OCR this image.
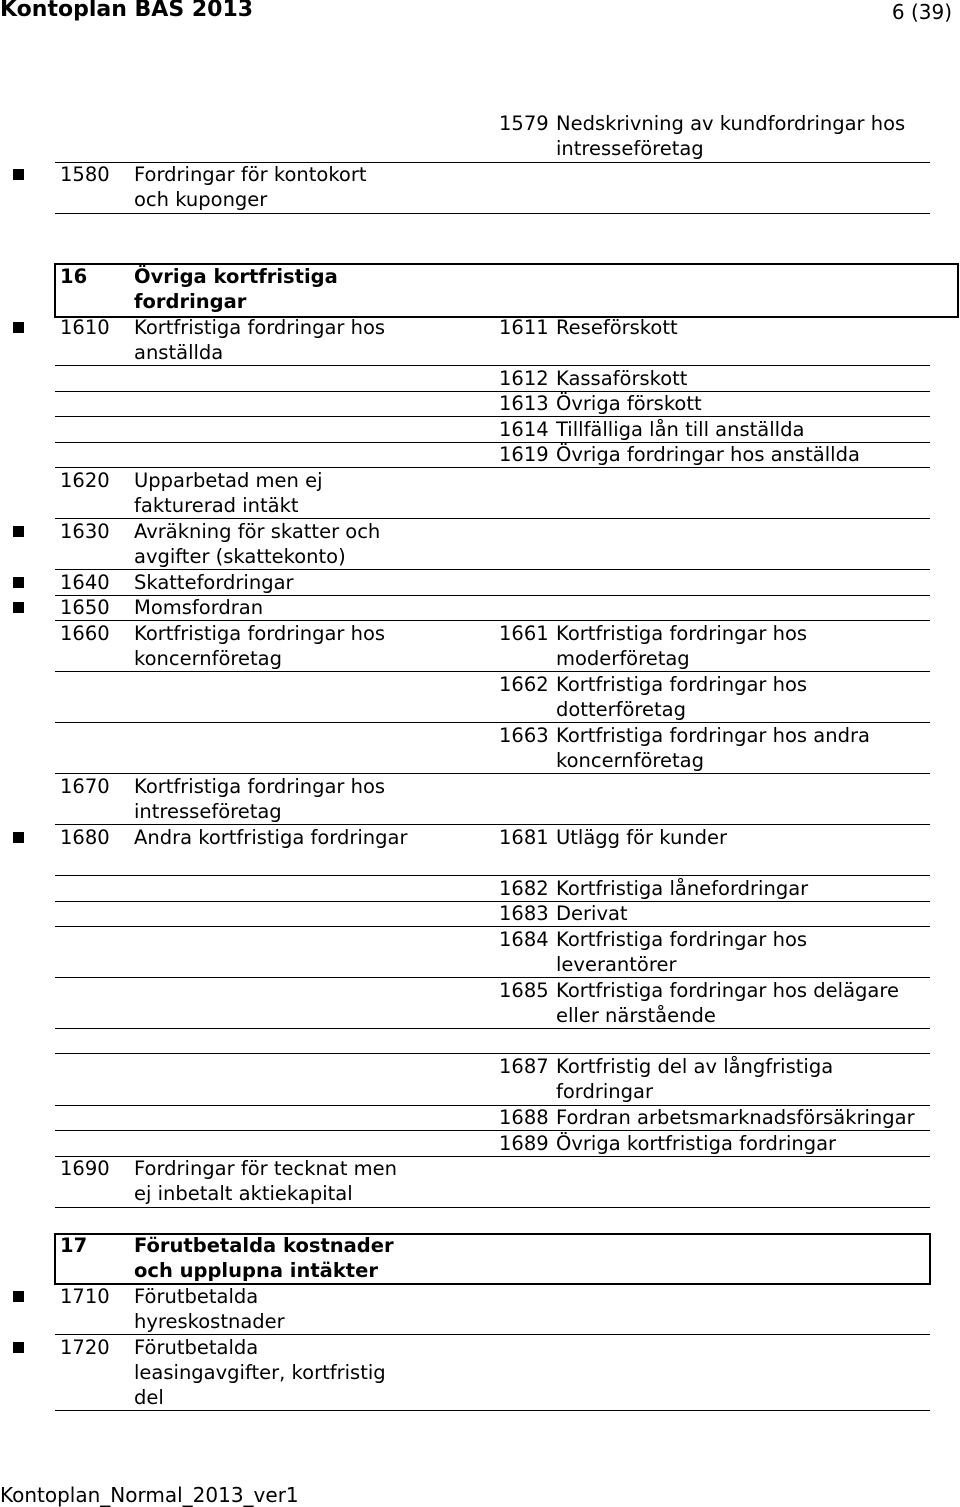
Kontoplan BAS 2013	6 (39)
1579 Nedskrivning av kundfordringar hos
intresseföretag
1580 Fordringar för kontokort
och kuponger
16 Övriga kortfristiga
fordringar
1610 Kortfristiga fordringar hos
anställda
1611 Reseförskott
1612 Kassaförskott
1613 Övriga förskott
1614 Tillfälliga lån till anställda
1619 Övriga fordringar hos anställda
1620 Upparbetad men ej
fakturerad intäkt
1630 Avräkning för skatter och
avgifter (skattekonto)
1640 Skattefordringar
1650 Momsfordran
1660 Kortfristiga fordringar hos
koncernföretag
1661 Kortfristiga fordringar hos
moderföretag
1662 Kortfristiga fordringar hos
dotterföretag
1663 Kortfristiga fordringar hos andra
koncernföretag
1670 Kortfristiga fordringar hos
intresseföretag
1680 Andra kortfristiga fordringar	1681 Utlägg för kunder
1682 Kortfristiga lånefordringar
1683 Derivat
1684 Kortfristiga fordringar hos
leverantörer
1685 Kortfristiga fordringar hos delägare
eller närstående
1687 Kortfristig del av långfristiga
fordringar
1688 Fordran arbetsmarknadsförsäkringar
1689 Övriga kortfristiga fordringar
1690 Fordringar för tecknat men
ej inbetalt aktiekapital
17 Förutbetalda kostnader
och upplupna intäkter
1710 Förutbetalda
hyreskostnader
1720 Förutbetalda
leasingavgifter, kortfristig
del
Kontoplan_Normal_2013_ver1
